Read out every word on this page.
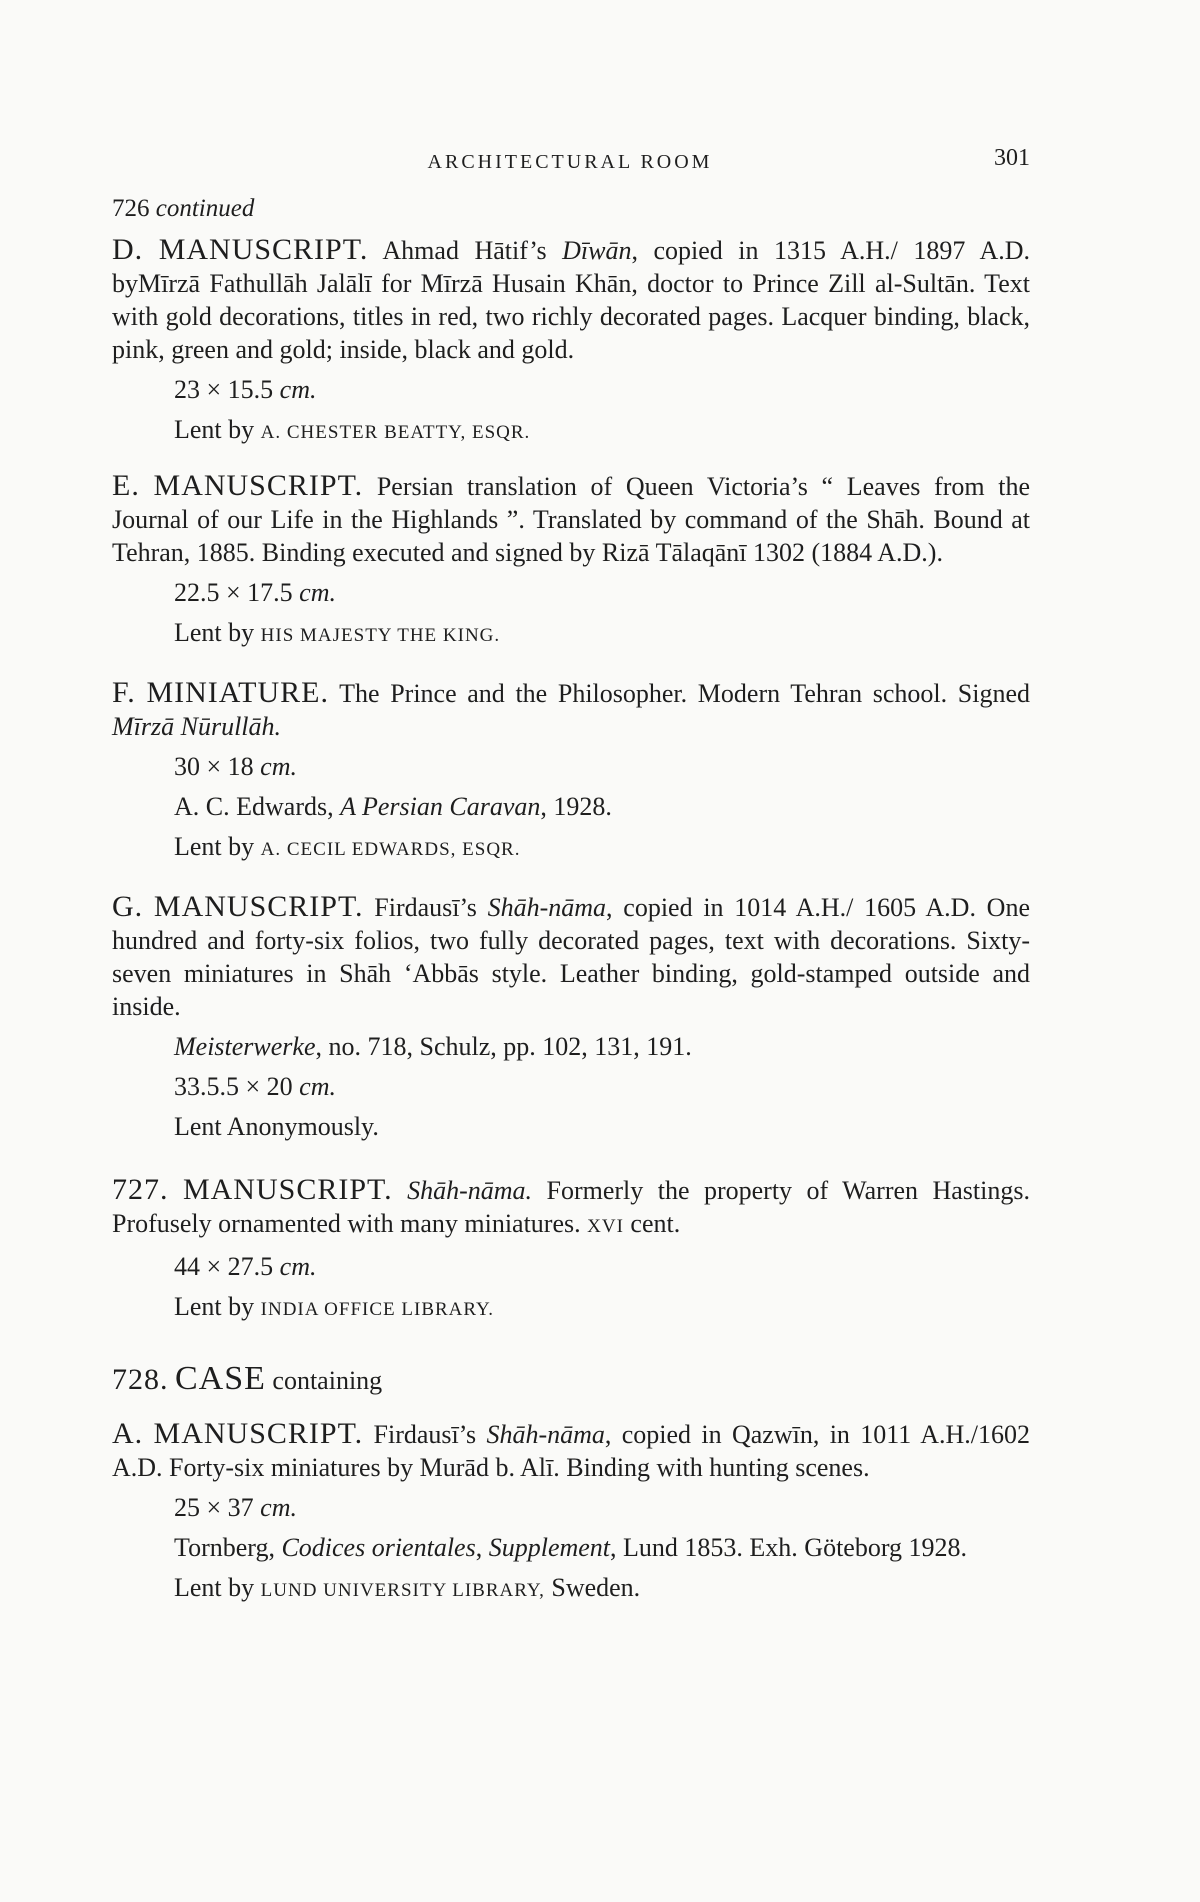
ARCHITECTURAL ROOM	301
726 continued

D. MANUSCRIPT. Ahmad Hātif’s Dīwān, copied in 1315 A.H./ 1897 A.D. byMīrzā Fathullāh Jalālī for Mīrzā Husain Khān, doctor to Prince Zill al-Sultān. Text with gold decorations, titles in red, two richly decorated pages. Lacquer binding, black, pink, green and gold; inside, black and gold.

23 × 15.5 cm.
Lent by A. CHESTER BEATTY, ESQR.

E. MANUSCRIPT. Persian translation of Queen Victoria’s “ Leaves from the Journal of our Life in the Highlands ”. Translated by command of the Shāh. Bound at Tehran, 1885. Binding executed and signed by Rizā Tālaqānī 1302 (1884 A.D.).

22.5 × 17.5 cm.
Lent by HIS MAJESTY THE KING.

F. MINIATURE. The Prince and the Philosopher. Modern Tehran school. Signed Mīrzā Nūrullāh.

30 × 18 cm.
A. C. Edwards, A Persian Caravan, 1928.
Lent by A. CECIL EDWARDS, ESQR.

G. MANUSCRIPT. Firdausī’s Shāh-nāma, copied in 1014 A.H./ 1605 A.D. One hundred and forty-six folios, two fully decorated pages, text with decorations. Sixty-seven miniatures in Shāh ‘Abbās style. Leather binding, gold-stamped outside and inside.

Meisterwerke, no. 718, Schulz, pp. 102, 131, 191.
33.5.5 × 20 cm.
Lent Anonymously.

727. MANUSCRIPT. Shāh-nāma. Formerly the property of Warren Hastings. Profusely ornamented with many miniatures. XVI cent.

44 × 27.5 cm.
Lent by INDIA OFFICE LIBRARY.

728. CASE containing

A. MANUSCRIPT. Firdausī’s Shāh-nāma, copied in Qazwīn, in 1011 A.H./1602 A.D. Forty-six miniatures by Murād b. Alī. Binding with hunting scenes.

25 × 37 cm.
Tornberg, Codices orientales, Supplement, Lund 1853. Exh. Göteborg 1928.
Lent by LUND UNIVERSITY LIBRARY, Sweden.
